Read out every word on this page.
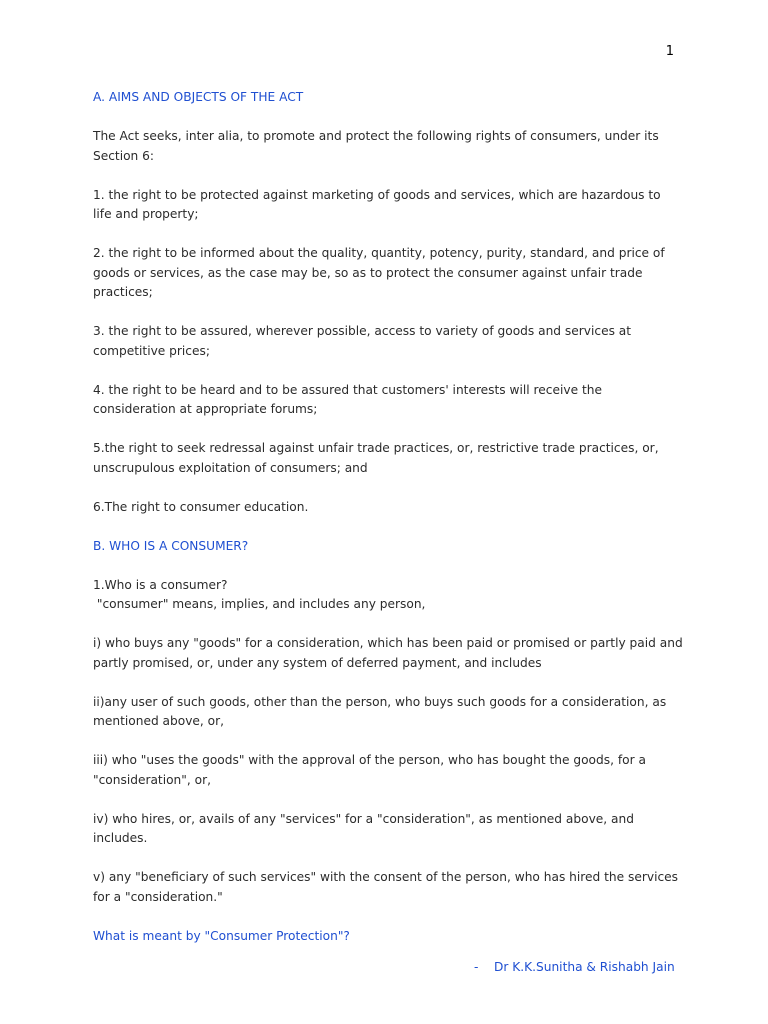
1

A. AIMS AND OBJECTS OF THE ACT

The Act seeks, inter alia, to promote and protect the following rights of consumers, under its Section 6:

1. the right to be protected against marketing of goods and services, which are hazardous to life and property;

2. the right to be informed about the quality, quantity, potency, purity, standard, and price of goods or services, as the case may be, so as to protect the consumer against unfair trade practices;

3. the right to be assured, wherever possible, access to variety of goods and services at competitive prices;

4. the right to be heard and to be assured that customers' interests will receive the consideration at appropriate forums;

5.the right to seek redressal against unfair trade practices, or, restrictive trade practices, or, unscrupulous exploitation of consumers; and

6.The right to consumer education.

B. WHO IS A CONSUMER?

1.Who is a consumer?

"consumer" means, implies, and includes any person,

i) who buys any "goods" for a consideration, which has been paid or promised or partly paid and partly promised, or, under any system of deferred payment, and includes

ii)any user of such goods, other than the person, who buys such goods for a consideration, as mentioned above, or,

iii) who "uses the goods" with the approval of the person, who has bought the goods, for a "consideration", or,

iv) who hires, or, avails of any "services" for a "consideration", as mentioned above, and includes.

v) any "beneficiary of such services" with the consent of the person, who has hired the services for a "consideration."

What is meant by "Consumer Protection"?

- Dr K.K.Sunitha & Rishabh Jain
